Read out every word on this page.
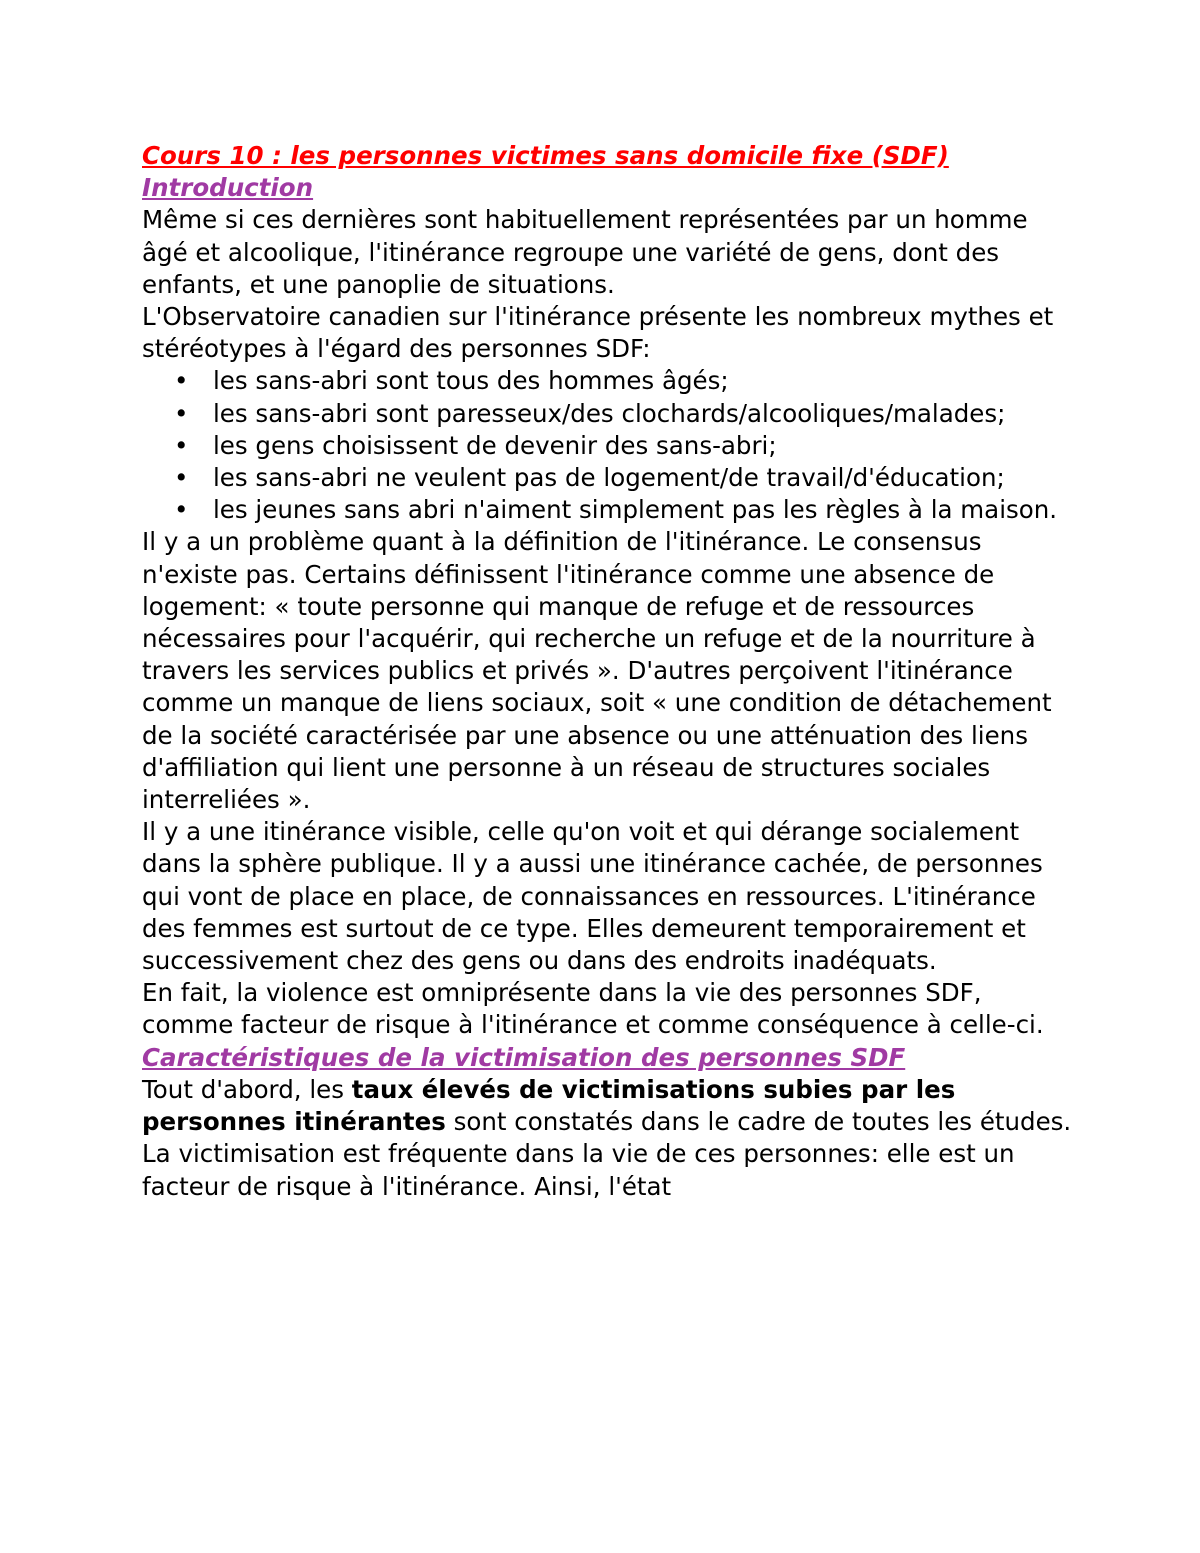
Cours 10 : les personnes victimes sans domicile fixe (SDF)

Introduction

Même si ces dernières sont habituellement représentées par un homme âgé et alcoolique, l'itinérance regroupe une variété de gens, dont des enfants, et une panoplie de situations.

L'Observatoire canadien sur l'itinérance présente les nombreux mythes et stéréotypes à l'égard des personnes SDF:

• les sans-abri sont tous des hommes âgés;
• les sans-abri sont paresseux/des clochards/alcooliques/malades;
• les gens choisissent de devenir des sans-abri;
• les sans-abri ne veulent pas de logement/de travail/d'éducation;
• les jeunes sans abri n'aiment simplement pas les règles à la maison.

Il y a un problème quant à la définition de l'itinérance. Le consensus n'existe pas. Certains définissent l'itinérance comme une absence de logement: « toute personne qui manque de refuge et de ressources nécessaires pour l'acquérir, qui recherche un refuge et de la nourriture à travers les services publics et privés ». D'autres perçoivent l'itinérance comme un manque de liens sociaux, soit « une condition de détachement de la société caractérisée par une absence ou une atténuation des liens d'affiliation qui lient une personne à un réseau de structures sociales interreliées ».

Il y a une itinérance visible, celle qu'on voit et qui dérange socialement dans la sphère publique. Il y a aussi une itinérance cachée, de personnes qui vont de place en place, de connaissances en ressources. L'itinérance des femmes est surtout de ce type. Elles demeurent temporairement et successivement chez des gens ou dans des endroits inadéquats.

En fait, la violence est omniprésente dans la vie des personnes SDF, comme facteur de risque à l'itinérance et comme conséquence à celle-ci.

Caractéristiques de la victimisation des personnes SDF

Tout d'abord, les taux élevés de victimisations subies par les personnes itinérantes sont constatés dans le cadre de toutes les études. La victimisation est fréquente dans la vie de ces personnes: elle est un facteur de risque à l'itinérance. Ainsi, l'état
